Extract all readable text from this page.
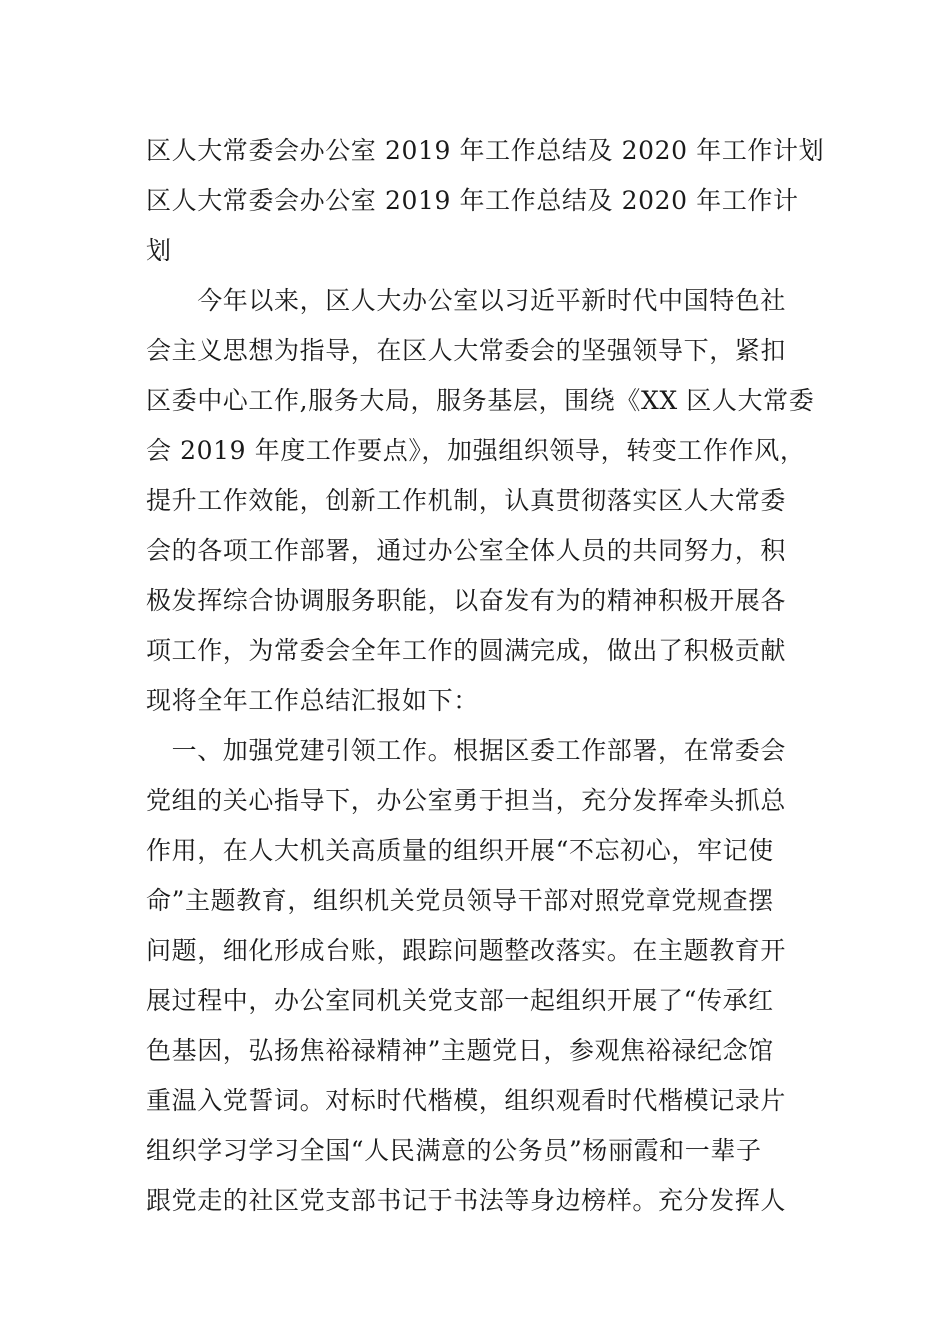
区人大常委会办公室 2019 年工作总结及 2020 年工作计划
区人大常委会办公室 2019 年工作总结及 2020 年工作计
划
　　今年以来，区人大办公室以习近平新时代中国特色社
会主义思想为指导，在区人大常委会的坚强领导下，紧扣
区委中心工作,服务大局，服务基层，围绕《XX 区人大常委
会 2019 年度工作要点》，加强组织领导，转变工作作风，
提升工作效能，创新工作机制，认真贯彻落实区人大常委
会的各项工作部署，通过办公室全体人员的共同努力，积
极发挥综合协调服务职能，以奋发有为的精神积极开展各
项工作，为常委会全年工作的圆满完成，做出了积极贡献
现将全年工作总结汇报如下：
　一、加强党建引领工作。根据区委工作部署，在常委会
党组的关心指导下，办公室勇于担当，充分发挥牵头抓总
作用，在人大机关高质量的组织开展“不忘初心，牢记使
命”主题教育，组织机关党员领导干部对照党章党规查摆
问题，细化形成台账，跟踪问题整改落实。在主题教育开
展过程中，办公室同机关党支部一起组织开展了“传承红
色基因，弘扬焦裕禄精神”主题党日，参观焦裕禄纪念馆
重温入党誓词。对标时代楷模，组织观看时代楷模记录片
组织学习学习全国“人民满意的公务员”杨丽霞和一辈子
跟党走的社区党支部书记于书法等身边榜样。充分发挥人
